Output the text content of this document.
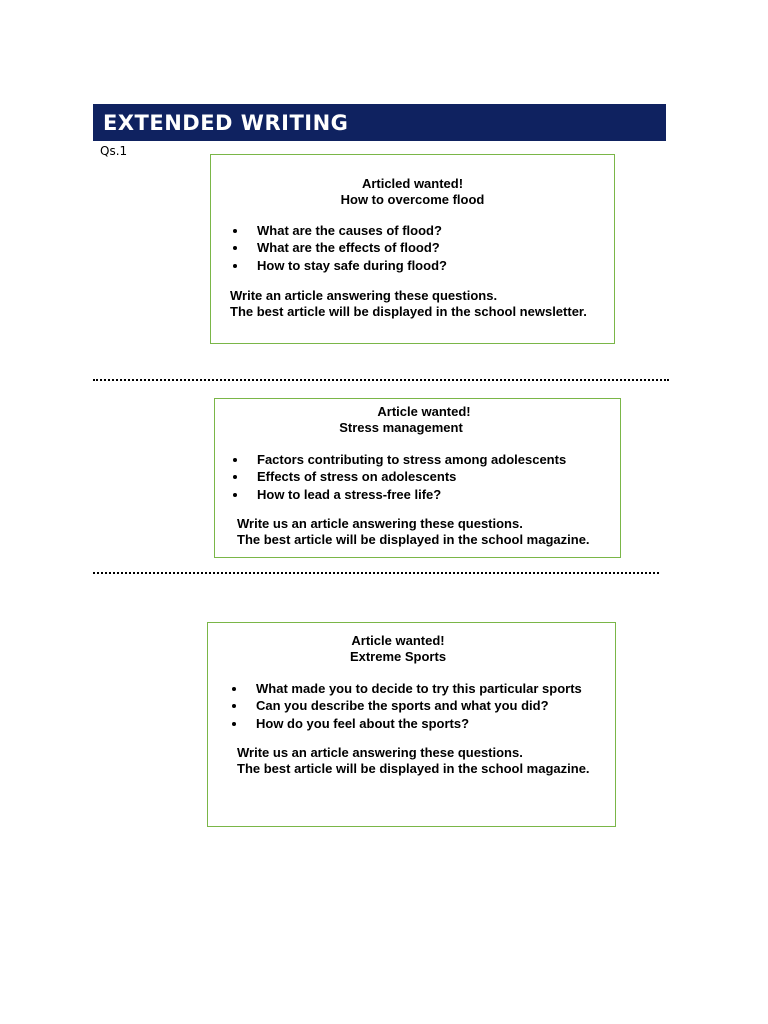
EXTENDED WRITING
Qs.1
Articled wanted!
How to overcome flood
What are the causes of flood?
What are the effects of flood?
How to stay safe during flood?
Write an article answering these questions.
The best article will be displayed in the school newsletter.
Article wanted!
Stress management
Factors contributing to stress among adolescents
Effects of stress on adolescents
How to lead a stress-free life?
Write us an article answering these questions.
The best article will be displayed in the school magazine.
Article wanted!
Extreme Sports
What made you to decide to try this particular sports
Can you describe the sports and what you did?
How do you feel about the sports?
Write us an article answering these questions.
The best article will be displayed in the school magazine.
